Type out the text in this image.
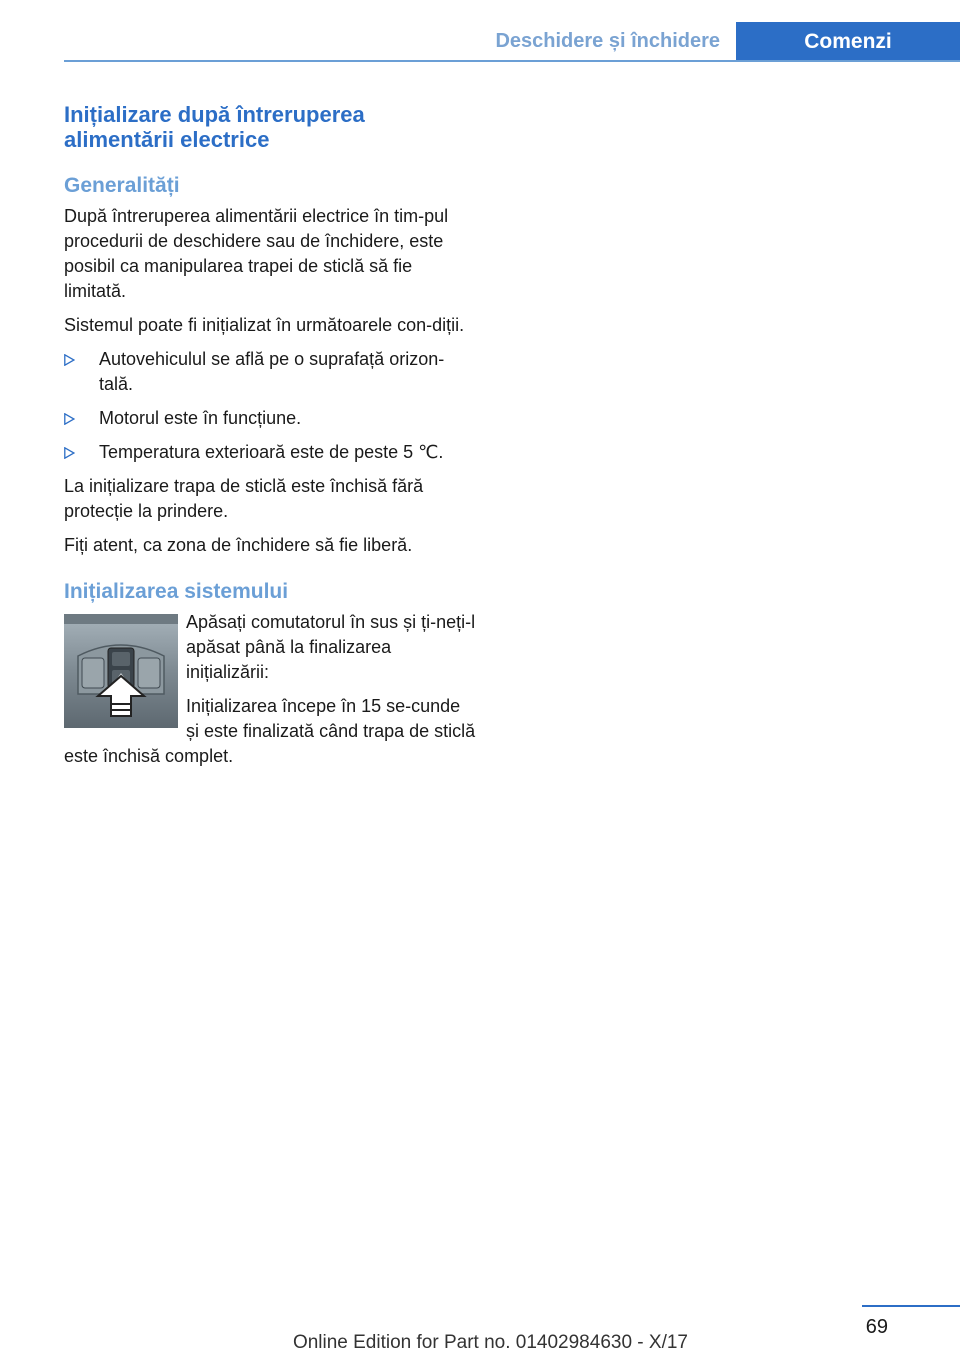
Deschidere și închidere	Comenzi
Inițializare după întreruperea alimentării electrice
Generalități

După întreruperea alimentării electrice în tim‐pul procedurii de deschidere sau de închidere, este posibil ca manipularea trapei de sticlă să fie limitată.

Sistemul poate fi inițializat în următoarele con‐diții.

Autovehiculul se află pe o suprafață orizon‐tală.
Motorul este în funcțiune.
Temperatura exterioară este de peste 5 ℃.

La inițializare trapa de sticlă este închisă fără protecție la prindere.

Fiți atent, ca zona de închidere să fie liberă.

Inițializarea sistemului

Apăsați comutatorul în sus și ți‐neți-l apăsat până la finalizarea inițializării:

Inițializarea începe în 15 se‐cunde și este finalizată când trapa de sticlă este închisă complet.

69
Online Edition for Part no. 01402984630 - X/17
